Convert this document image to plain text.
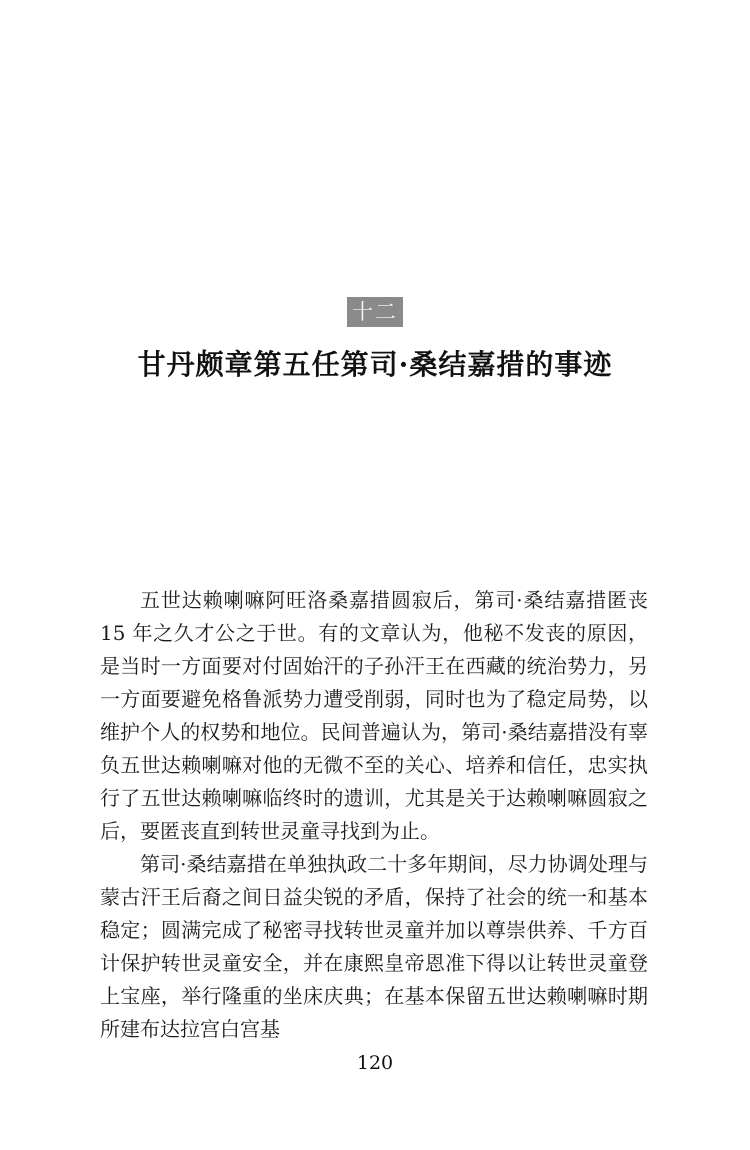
十二
甘丹颇章第五任第司·桑结嘉措的事迹

五世达赖喇嘛阿旺洛桑嘉措圆寂后，第司·桑结嘉措匿丧 15 年之久才公之于世。有的文章认为，他秘不发丧的原因，是当时一方面要对付固始汗的子孙汗王在西藏的统治势力，另一方面要避免格鲁派势力遭受削弱，同时也为了稳定局势，以维护个人的权势和地位。民间普遍认为，第司·桑结嘉措没有辜负五世达赖喇嘛对他的无微不至的关心、培养和信任，忠实执行了五世达赖喇嘛临终时的遗训，尤其是关于达赖喇嘛圆寂之后，要匿丧直到转世灵童寻找到为止。

第司·桑结嘉措在单独执政二十多年期间，尽力协调处理与蒙古汗王后裔之间日益尖锐的矛盾，保持了社会的统一和基本稳定；圆满完成了秘密寻找转世灵童并加以尊崇供养、千方百计保护转世灵童安全，并在康熙皇帝恩准下得以让转世灵童登上宝座，举行隆重的坐床庆典；在基本保留五世达赖喇嘛时期所建布达拉宫白宫基

120
